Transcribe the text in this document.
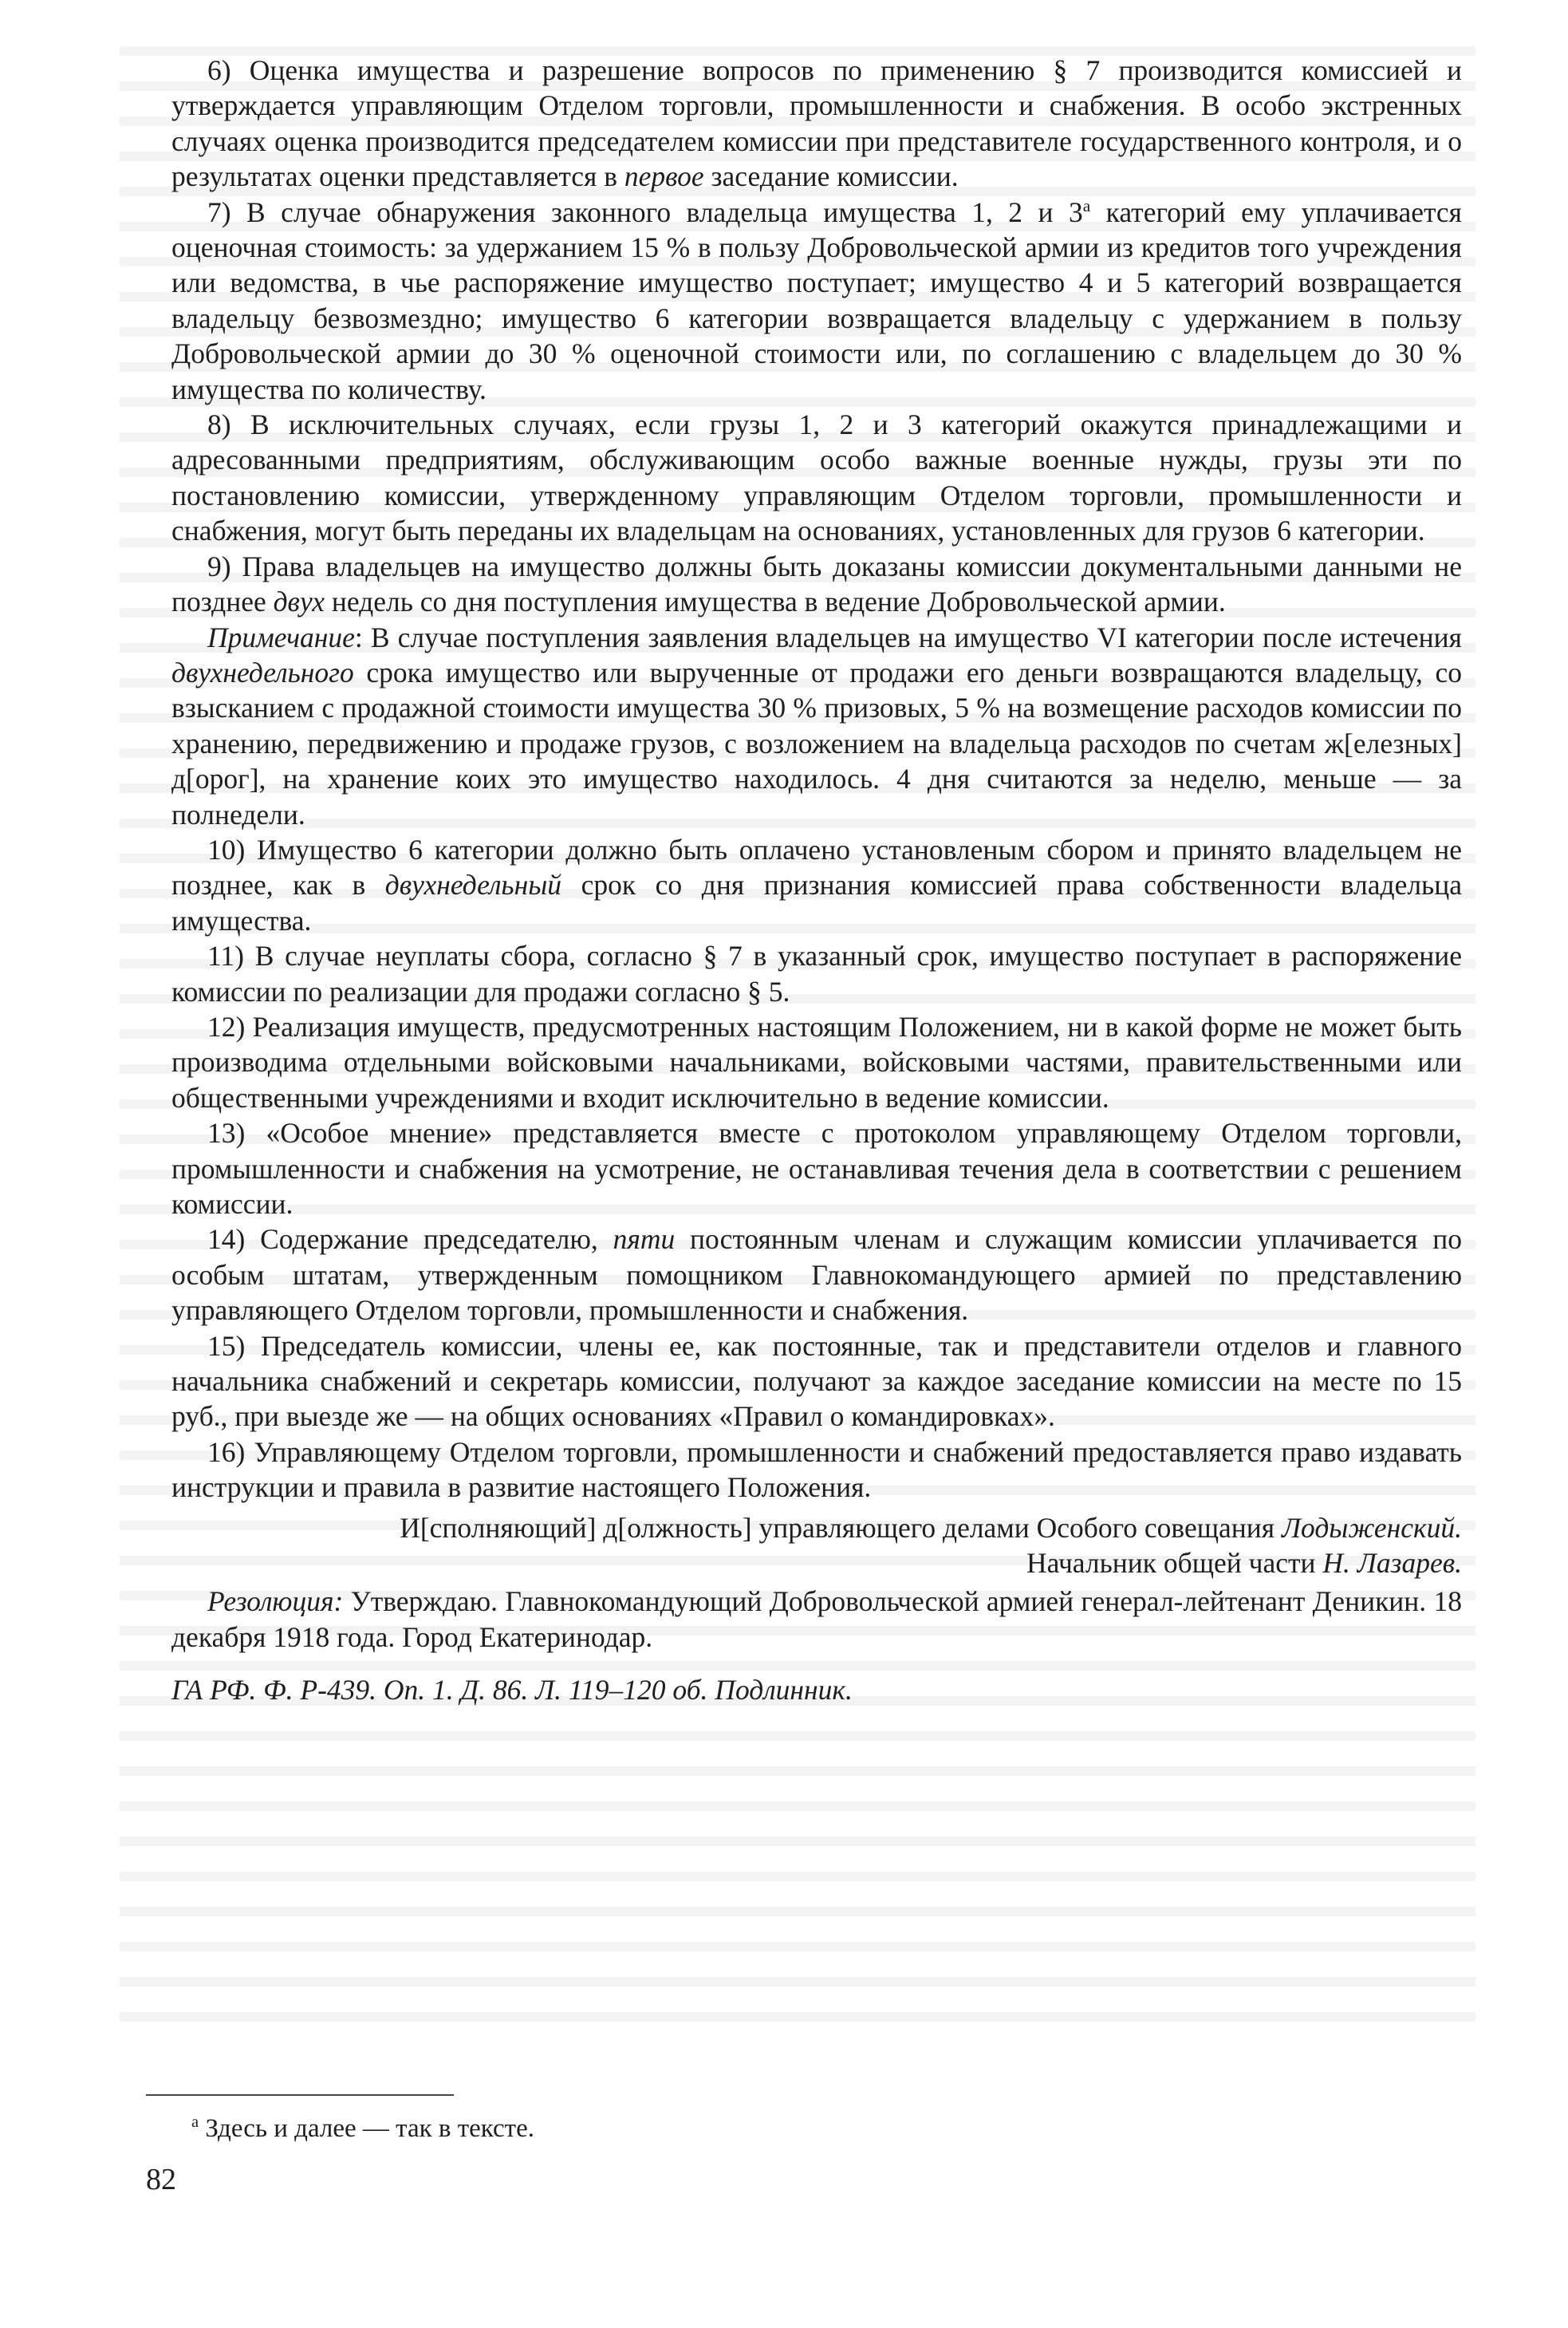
6) Оценка имущества и разрешение вопросов по применению § 7 производится комиссией и утверждается управляющим Отделом торговли, промышленности и снабжения. В особо экстренных случаях оценка производится председателем комиссии при представителе государственного контроля, и о результатах оценки представляется в первое заседание комиссии.

7) В случае обнаружения законного владельца имущества 1, 2 и $3^а$ категорий ему уплачивается оценочная стоимость: за удержанием 15 % в пользу Добровольческой армии из кредитов того учреждения или ведомства, в чье распоряжение имущество поступает; имущество 4 и 5 категорий возвращается владельцу безвозмездно; имущество 6 категории возвращается владельцу с удержанием в пользу Добровольческой армии до 30 % оценочной стоимости или, по соглашению с владельцем до 30 % имущества по количеству.

8) В исключительных случаях, если грузы 1, 2 и 3 категорий окажутся принадлежащими и адресованными предприятиям, обслуживающим особо важные военные нужды, грузы эти по постановлению комиссии, утвержденному управляющим Отделом торговли, промышленности и снабжения, могут быть переданы их владельцам на основаниях, установленных для грузов 6 категории.

9) Права владельцев на имущество должны быть доказаны комиссии документальными данными не позднее двух недель со дня поступления имущества в ведение Добровольческой армии.

Примечание: В случае поступления заявления владельцев на имущество VI категории после истечения двухнедельного срока имущество или вырученные от продажи его деньги возвращаются владельцу, со взысканием с продажной стоимости имущества 30 % призовых, 5 % на возмещение расходов комиссии по хранению, передвижению и продаже грузов, с возложением на владельца расходов по счетам ж[елезных] д[орог], на хранение коих это имущество находилось. 4 дня считаются за неделю, меньше — за полнедели.

10) Имущество 6 категории должно быть оплачено установленым сбором и принято владельцем не позднее, как в двухнедельный срок со дня признания комиссией права собственности владельца имущества.

11) В случае неуплаты сбора, согласно § 7 в указанный срок, имущество поступает в распоряжение комиссии по реализации для продажи согласно § 5.

12) Реализация имуществ, предусмотренных настоящим Положением, ни в какой форме не может быть производима отдельными войсковыми начальниками, войсковыми частями, правительственными или общественными учреждениями и входит исключительно в ведение комиссии.

13) «Особое мнение» представляется вместе с протоколом управляющему Отделом торговли, промышленности и снабжения на усмотрение, не останавливая течения дела в соответствии с решением комиссии.

14) Содержание председателю, пяти постоянным членам и служащим комиссии уплачивается по особым штатам, утвержденным помощником Главнокомандующего армией по представлению управляющего Отделом торговли, промышленности и снабжения.

15) Председатель комиссии, члены ее, как постоянные, так и представители отделов и главного начальника снабжений и секретарь комиссии, получают за каждое заседание комиссии на месте по 15 руб., при выезде же — на общих основаниях «Правил о командировках».

16) Управляющему Отделом торговли, промышленности и снабжений предоставляется право издавать инструкции и правила в развитие настоящего Положения.

И[сполняющий] д[олжность] управляющего делами Особого совещания Лодыженский.

Начальник общей части Н. Лазарев.

Резолюция: Утверждаю. Главнокомандующий Добровольческой армией генерал-лейтенант Деникин. 18 декабря 1918 года. Город Екатеринодар.

ГА РФ. Ф. Р-439. Оп. 1. Д. 86. Л. 119–120 об. Подлинник.

$^а$ Здесь и далее — так в тексте.
82
